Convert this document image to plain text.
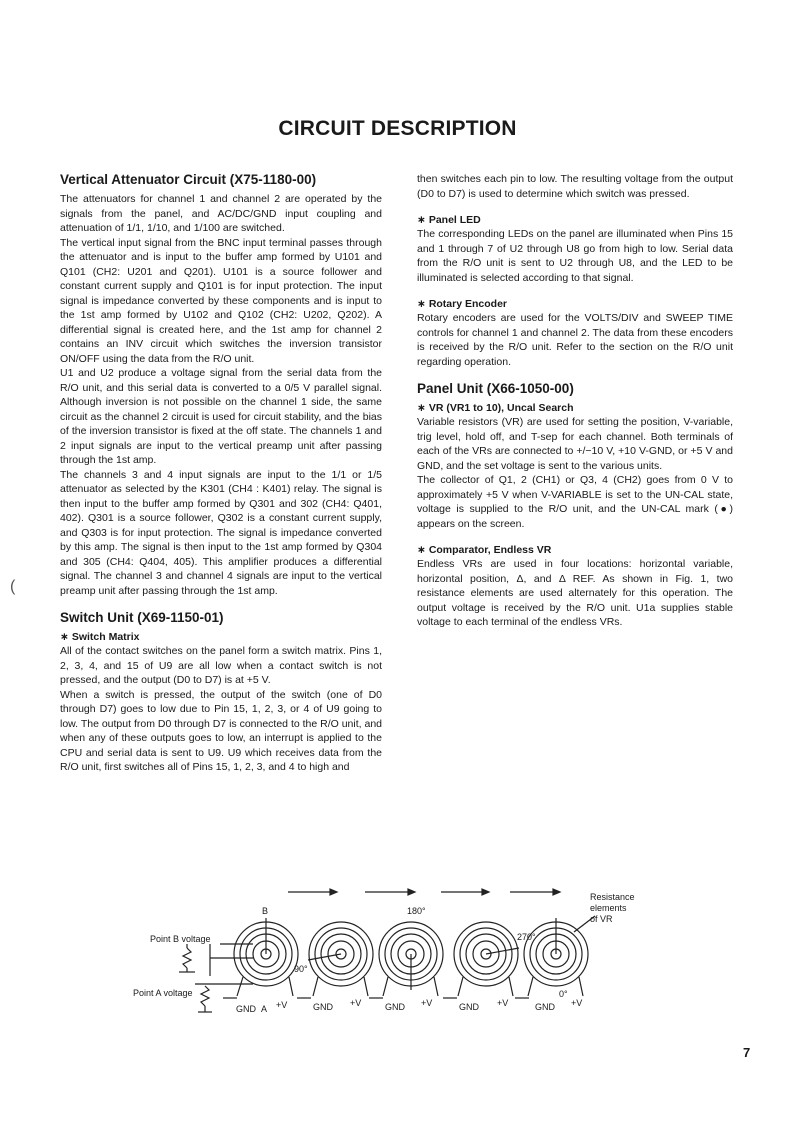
CIRCUIT DESCRIPTION
Vertical Attenuator Circuit (X75-1180-00)

The attenuators for channel 1 and channel 2 are operated by the signals from the panel, and AC/DC/GND input coupling and attenuation of 1/1, 1/10, and 1/100 are switched.

The vertical input signal from the BNC input terminal passes through the attenuator and is input to the buffer amp formed by U101 and Q101 (CH2: U201 and Q201). U101 is a source follower and constant current supply and Q101 is for input protection. The input signal is impedance converted by these components and is input to the 1st amp formed by U102 and Q102 (CH2: U202, Q202). A differential signal is created here, and the 1st amp for channel 2 contains an INV circuit which switches the inversion transistor ON/OFF using the data from the R/O unit.

U1 and U2 produce a voltage signal from the serial data from the R/O unit, and this serial data is converted to a 0/5 V parallel signal. Although inversion is not possible on the channel 1 side, the same circuit as the channel 2 circuit is used for circuit stability, and the bias of the inversion transistor is fixed at the off state. The channels 1 and 2 input signals are input to the vertical preamp unit after passing through the 1st amp.

The channels 3 and 4 input signals are input to the 1/1 or 1/5 attenuator as selected by the K301 (CH4 : K401) relay. The signal is then input to the buffer amp formed by Q301 and 302 (CH4: Q401, 402). Q301 is a source follower, Q302 is a constant current supply, and Q303 is for input protection. The signal is impedance converted by this amp. The signal is then input to the 1st amp formed by Q304 and 305 (CH4: Q404, 405). This amplifier produces a differential signal. The channel 3 and channel 4 signals are input to the vertical preamp unit after passing through the 1st amp.

Switch Unit (X69-1150-01)
∗ Switch Matrix

All of the contact switches on the panel form a switch matrix. Pins 1, 2, 3, 4, and 15 of U9 are all low when a contact switch is not pressed, and the output (D0 to D7) is at +5 V.

When a switch is pressed, the output of the switch (one of D0 through D7) goes to low due to Pin 15, 1, 2, 3, or 4 of U9 going to low. The output from D0 through D7 is connected to the R/O unit, and when any of these outputs goes to low, an interrupt is applied to the CPU and serial data is sent to U9. U9 which receives data from the R/O unit, first switches all of Pins 15, 1, 2, 3, and 4 to high and

then switches each pin to low. The resulting voltage from the output (D0 to D7) is used to determine which switch was pressed.

∗ Panel LED

The corresponding LEDs on the panel are illuminated when Pins 15 and 1 through 7 of U2 through U8 go from high to low. Serial data from the R/O unit is sent to U2 through U8, and the LED to be illuminated is selected according to that signal.

∗ Rotary Encoder

Rotary encoders are used for the VOLTS/DIV and SWEEP TIME controls for channel 1 and channel 2. The data from these encoders is received by the R/O unit. Refer to the section on the R/O unit regarding operation.

Panel Unit (X66-1050-00)
∗ VR (VR1 to 10), Uncal Search

Variable resistors (VR) are used for setting the position, V-variable, trig level, hold off, and T-sep for each channel. Both terminals of each of the VRs are connected to +/−10 V, +10 V-GND, or +5 V and GND, and the set voltage is sent to the various units.

The collector of Q1, 2 (CH1) or Q3, 4 (CH2) goes from 0 V to approximately +5 V when V-VARIABLE is set to the UN-CAL state, voltage is supplied to the R/O unit, and the UN-CAL mark (●) appears on the screen.

∗ Comparator, Endless VR

Endless VRs are used in four locations: horizontal variable, horizontal position, Δ, and Δ REF. As shown in Fig. 1, two resistance elements are used alternately for this operation. The output voltage is received by the R/O unit. U1a supplies stable voltage to each terminal of the endless VRs.

Point B voltage
Point A voltage
B
A
180°
90°
270°
0°
GND +V	GND +V	GND +V	GND +V	GND +V
Resistance
elements
of VR
(
7
